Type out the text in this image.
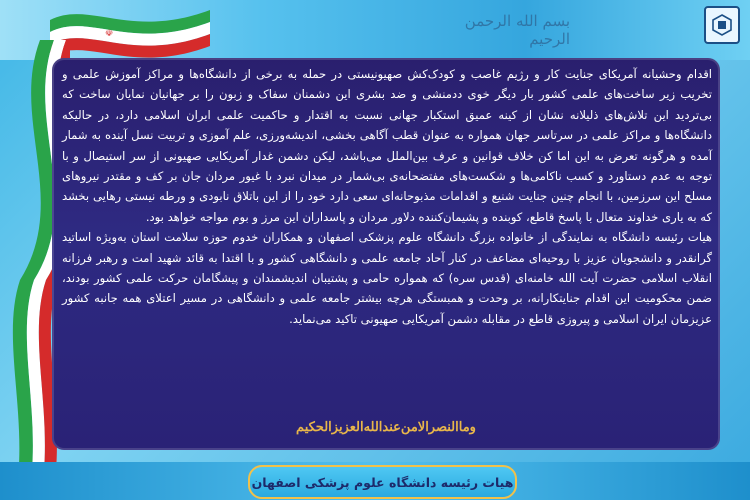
☫
بسم الله الرحمن الرحیم

اقدام وحشیانه آمریکای جنایت کار و رژیم غاصب و کودک‌کش صهیونیستی در حمله به برخی از دانشگاه‌ها و مراکز آموزش علمی و تخریب زیر ساخت‌های علمی کشور بار دیگر خوی ددمنشی و ضد بشری این دشمنان سفاک و زبون را بر جهانیان نمایان ساخت که بی‌تردید این تلاش‌های ذلیلانه نشان از کینه عمیق استکبار جهانی نسبت به اقتدار و حاکمیت علمی ایران اسلامی دارد، در حالیکه دانشگاه‌ها و مراکز علمی در سرتاسر جهان همواره به عنوان قطب آگاهی بخشی، اندیشه‌ورزی، علم آموزی و تربیت نسل آینده به شمار آمده و هرگونه تعرض به این اما کن خلاف قوانین و عرف بین‌الملل می‌باشد، لیکن دشمن غدار آمریکایی صهیونی از سر استیصال و با توجه به عدم دستاورد و کسب ناکامی‌ها و شکست‌های مفتضحانه‌ی بی‌شمار در میدان نبرد با غیور مردان جان بر کف و مقتدر نیروهای مسلح این سرزمین، با انجام چنین جنایت شنیع و اقدامات مذبوحانه‌ای سعی دارد خود را از این باتلاق نابودی و ورطه نیستی رهایی بخشد که به یاری خداوند متعال با پاسخ قاطع، کوبنده و پشیمان‌کننده دلاور مردان و پاسداران این مرز و بوم مواجه خواهد بود.

هیات رئیسه دانشگاه به نمایندگی از خانواده بزرگ دانشگاه علوم پزشکی اصفهان و همکاران خدوم حوزه سلامت استان به‌ویژه اساتید گرانقدر و دانشجویان عزیز با روحیه‌ای مضاعف در کنار آحاد جامعه علمی و دانشگاهی کشور و با اقتدا به قائد شهید امت و رهبر فرزانه انقلاب اسلامی حضرت آیت الله خامنه‌ای (قدس سره) که همواره حامی و پشتیبان اندیشمندان و پیشگامان حرکت علمی کشور بودند، ضمن محکومیت این اقدام جنایتکارانه، بر وحدت و همبستگی هرچه بیشتر جامعه علمی و دانشگاهی در مسیر اعتلای همه جانبه کشور عزیزمان ایران اسلامی و پیروزی قاطع در مقابله دشمن آمریکایی صهیونی تاکید می‌نماید.

وماالنصرالامن‌عندالله‌العزیزالحکیم
هیات رئیسه دانشگاه علوم پزشکی اصفهان
